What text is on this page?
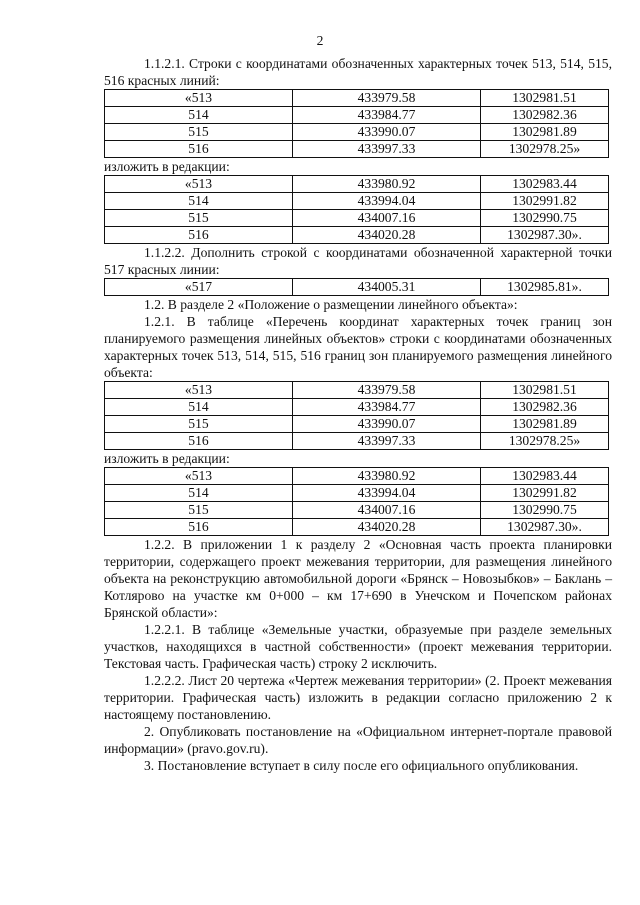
2

1.1.2.1. Строки с координатами обозначенных характерных точек 513, 514, 515, 516 красных линий:

«513	433979.58	1302981.51
514	433984.77	1302982.36
515	433990.07	1302981.89
516	433997.33	1302978.25»

изложить в редакции:

«513	433980.92	1302983.44
514	433994.04	1302991.82
515	434007.16	1302990.75
516	434020.28	1302987.30».

1.1.2.2. Дополнить строкой с координатами обозначенной характерной точки 517 красных линии:

«517	434005.31	1302985.81».

1.2. В разделе 2 «Положение о размещении линейного объекта»:

1.2.1. В таблице «Перечень координат характерных точек границ зон планируемого размещения линейных объектов» строки с координатами обозначенных характерных точек 513, 514, 515, 516 границ зон планируемого размещения линейного объекта:

«513	433979.58	1302981.51
514	433984.77	1302982.36
515	433990.07	1302981.89
516	433997.33	1302978.25»

изложить в редакции:

«513	433980.92	1302983.44
514	433994.04	1302991.82
515	434007.16	1302990.75
516	434020.28	1302987.30».

1.2.2. В приложении 1 к разделу 2 «Основная часть проекта планировки территории, содержащего проект межевания территории, для размещения линейного объекта на реконструкцию автомобильной дороги «Брянск – Новозыбков» – Баклань – Котлярово на участке км 0+000 – км 17+690 в Унечском и Почепском районах Брянской области»:

1.2.2.1. В таблице «Земельные участки, образуемые при разделе земельных участков, находящихся в частной собственности» (проект межевания территории. Текстовая часть. Графическая часть) строку 2 исключить.

1.2.2.2. Лист 20 чертежа «Чертеж межевания территории» (2. Проект межевания территории. Графическая часть) изложить в редакции согласно приложению 2 к настоящему постановлению.

2. Опубликовать постановление на «Официальном интернет-портале правовой информации» (pravo.gov.ru).

3. Постановление вступает в силу после его официального опубликования.
